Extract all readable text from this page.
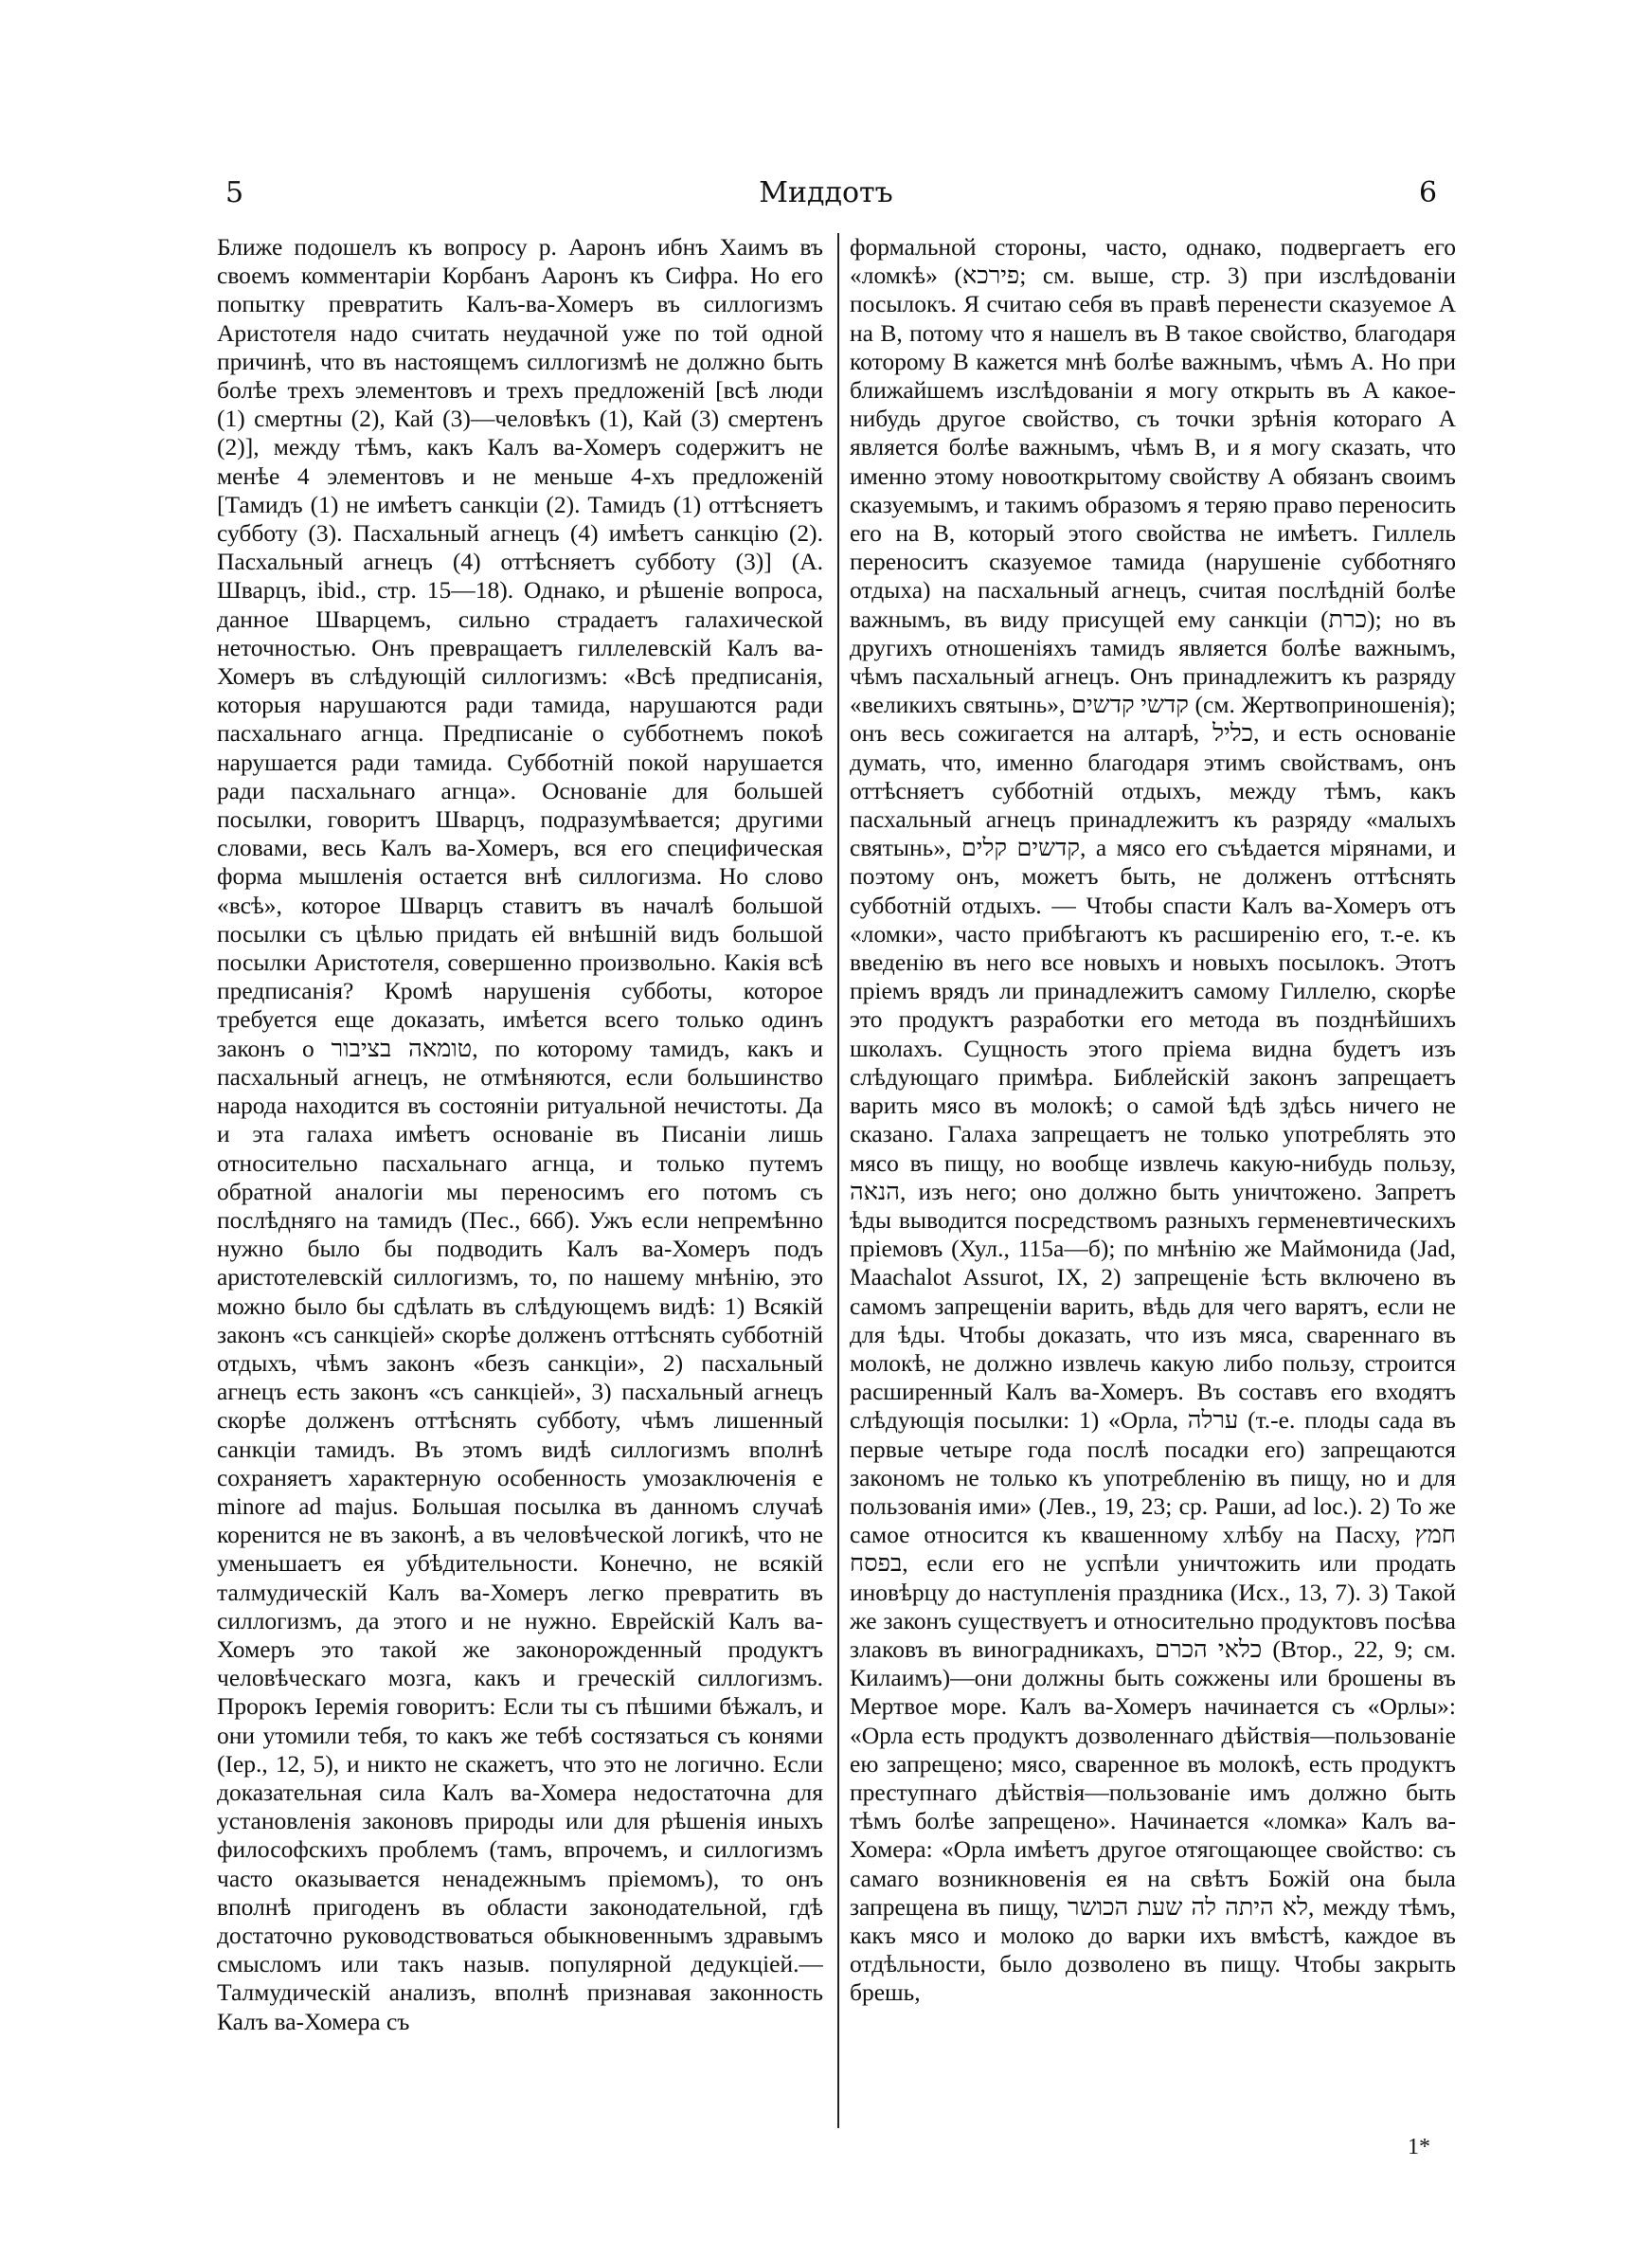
5	Миддотъ	6

Ближе подошелъ къ вопросу р. Ааронъ ибнъ Хаимъ въ своемъ комментаріи Корбанъ Ааронъ къ Сифра. Но его попытку превратить Калъ-ва-Хомеръ въ силлогизмъ Аристотеля надо считать неудачной уже по той одной причинѣ, что въ настоящемъ силлогизмѣ не должно быть болѣе трехъ элементовъ и трехъ предложеній [всѣ люди (1) смертны (2), Кай (3)—человѣкъ (1), Кай (3) смертенъ (2)], между тѣмъ, какъ Калъ ва-Хомеръ содержитъ не менѣе 4 элементовъ и не меньше 4-хъ предложеній [Тамидъ (1) не имѣетъ санкціи (2). Тамидъ (1) оттѣсняетъ субботу (3). Пасхальный агнецъ (4) имѣетъ санкцію (2). Пасхальный агнецъ (4) оттѣсняетъ субботу (3)] (А. Шварцъ, ibid., стр. 15—18). Однако, и рѣшеніе вопроса, данное Шварцемъ, сильно страдаетъ галахической неточностью. Онъ превращаетъ гиллелевскій Калъ ва-Хомеръ въ слѣдующій силлогизмъ: «Всѣ предписанія, которыя нарушаются ради тамида, нарушаются ради пасхальнаго агнца. Предписаніе о субботнемъ покоѣ нарушается ради тамида. Субботній покой нарушается ради пасхальнаго агнца». Основаніе для большей посылки, говоритъ Шварцъ, подразумѣвается; другими словами, весь Калъ ва-Хомеръ, вся его специфическая форма мышленія остается внѣ силлогизма. Но слово «всѣ», которое Шварцъ ставитъ въ началѣ большой посылки съ цѣлью придать ей внѣшній видъ большой посылки Аристотеля, совершенно произвольно. Какія всѣ предписанія? Кромѣ нарушенія субботы, которое требуется еще доказать, имѣется всего только одинъ законъ о טומאה בציבור, по которому тамидъ, какъ и пасхальный агнецъ, не отмѣняются, если большинство народа находится въ состояніи ритуальной нечистоты. Да и эта галаха имѣетъ основаніе въ Писаніи лишь относительно пасхальнаго агнца, и только путемъ обратной аналогіи мы переносимъ его потомъ съ послѣдняго на тамидъ (Пес., 66б). Ужъ если непремѣнно нужно было бы подводить Калъ ва-Хомеръ подъ аристотелевскій силлогизмъ, то, по нашему мнѣнію, это можно было бы сдѣлать въ слѣдующемъ видѣ: 1) Всякій законъ «съ санкціей» скорѣе долженъ оттѣснять субботній отдыхъ, чѣмъ законъ «безъ санкціи», 2) пасхальный агнецъ есть законъ «съ санкціей», 3) пасхальный агнецъ скорѣе долженъ оттѣснять субботу, чѣмъ лишенный санкціи тамидъ. Въ этомъ видѣ силлогизмъ вполнѣ сохраняетъ характерную особенность умозаключенія e minore ad majus. Большая посылка въ данномъ случаѣ коренится не въ законѣ, а въ человѣческой логикѣ, что не уменьшаетъ ея убѣдительности. Конечно, не всякій талмудическій Калъ ва-Хомеръ легко превратить въ силлогизмъ, да этого и не нужно. Еврейскій Калъ ва-Хомеръ это такой же законорожденный продуктъ человѣческаго мозга, какъ и греческій силлогизмъ. Пророкъ Іеремія говоритъ: Если ты съ пѣшими бѣжалъ, и они утомили тебя, то какъ же тебѣ состязаться съ конями (Іер., 12, 5), и никто не скажетъ, что это не логично. Если доказательная сила Калъ ва-Хомера недостаточна для установленія законовъ природы или для рѣшенія иныхъ философскихъ проблемъ (тамъ, впрочемъ, и силлогизмъ часто оказывается ненадежнымъ пріемомъ), то онъ вполнѣ пригоденъ въ области законодательной, гдѣ достаточно руководствоваться обыкновеннымъ здравымъ смысломъ или такъ назыв. популярной дедукціей.—Талмудическій анализъ, вполнѣ признавая законность Калъ ва-Хомера съ

формальной стороны, часто, однако, подвергаетъ его «ломкѣ» (פירכא; см. выше, стр. 3) при изслѣдованіи посылокъ. Я считаю себя въ правѣ перенести сказуемое А на В, потому что я нашелъ въ В такое свойство, благодаря которому В кажется мнѣ болѣе важнымъ, чѣмъ А. Но при ближайшемъ изслѣдованіи я могу открыть въ А какое-нибудь другое свойство, съ точки зрѣнія котораго А является болѣе важнымъ, чѣмъ В, и я могу сказать, что именно этому новооткрытому свойству А обязанъ своимъ сказуемымъ, и такимъ образомъ я теряю право переносить его на В, который этого свойства не имѣетъ. Гиллель переноситъ сказуемое тамида (нарушеніе субботняго отдыха) на пасхальный агнецъ, считая послѣдній болѣе важнымъ, въ виду присущей ему санкціи (כרת); но въ другихъ отношеніяхъ тамидъ является болѣе важнымъ, чѣмъ пасхальный агнецъ. Онъ принадлежитъ къ разряду «великихъ святынь», קדשי קדשים (см. Жертвоприношенія); онъ весь сожигается на алтарѣ, כליל, и есть основаніе думать, что, именно благодаря этимъ свойствамъ, онъ оттѣсняетъ субботній отдыхъ, между тѣмъ, какъ пасхальный агнецъ принадлежитъ къ разряду «малыхъ святынь», קדשים קלים, а мясо его съѣдается мірянами, и поэтому онъ, можетъ быть, не долженъ оттѣснять субботній отдыхъ. — Чтобы спасти Калъ ва-Хомеръ отъ «ломки», часто прибѣгаютъ къ расширенію его, т.-е. къ введенію въ него все новыхъ и новыхъ посылокъ. Этотъ пріемъ врядъ ли принадлежитъ самому Гиллелю, скорѣе это продуктъ разработки его метода въ позднѣйшихъ школахъ. Сущность этого пріема видна будетъ изъ слѣдующаго примѣра. Библейскій законъ запрещаетъ варить мясо въ молокѣ; о самой ѣдѣ здѣсь ничего не сказано. Галаха запрещаетъ не только употреблять это мясо въ пищу, но вообще извлечь какую-нибудь пользу, הנאה, изъ него; оно должно быть уничтожено. Запретъ ѣды выводится посредствомъ разныхъ герменевтическихъ пріемовъ (Хул., 115а—б); по мнѣнію же Маймонида (Jad, Maachalot Assurot, IX, 2) запрещеніе ѣсть включено въ самомъ запрещеніи варить, вѣдь для чего варятъ, если не для ѣды. Чтобы доказать, что изъ мяса, свареннаго въ молокѣ, не должно извлечь какую либо пользу, строится расширенный Калъ ва-Хомеръ. Въ составъ его входятъ слѣдующія посылки: 1) «Орла, ערלה (т.-е. плоды сада въ первые четыре года послѣ посадки его) запрещаются закономъ не только къ употребленію въ пищу, но и для пользованія ими» (Лев., 19, 23; ср. Раши, ad loc.). 2) То же самое относится къ квашенному хлѣбу на Пасху, חמץ בפסח, если его не успѣли уничтожить или продать иновѣрцу до наступленія праздника (Исх., 13, 7). 3) Такой же законъ существуетъ и относительно продуктовъ посѣва злаковъ въ виноградникахъ, כלאי הכרם (Втор., 22, 9; см. Килаимъ)—они должны быть сожжены или брошены въ Мертвое море. Калъ ва-Хомеръ начинается съ «Орлы»: «Орла есть продуктъ дозволеннаго дѣйствія—пользованіе ею запрещено; мясо, сваренное въ молокѣ, есть продуктъ преступнаго дѣйствія—пользованіе имъ должно быть тѣмъ болѣе запрещено». Начинается «ломка» Калъ ва-Хомера: «Орла имѣетъ другое отягощающее свойство: съ самаго возникновенія ея на свѣтъ Божій она была запрещена въ пищу, לא היתה לה שעת הכושר, между тѣмъ, какъ мясо и молоко до варки ихъ вмѣстѣ, каждое въ отдѣльности, было дозволено въ пищу. Чтобы закрыть брешь,

1*
